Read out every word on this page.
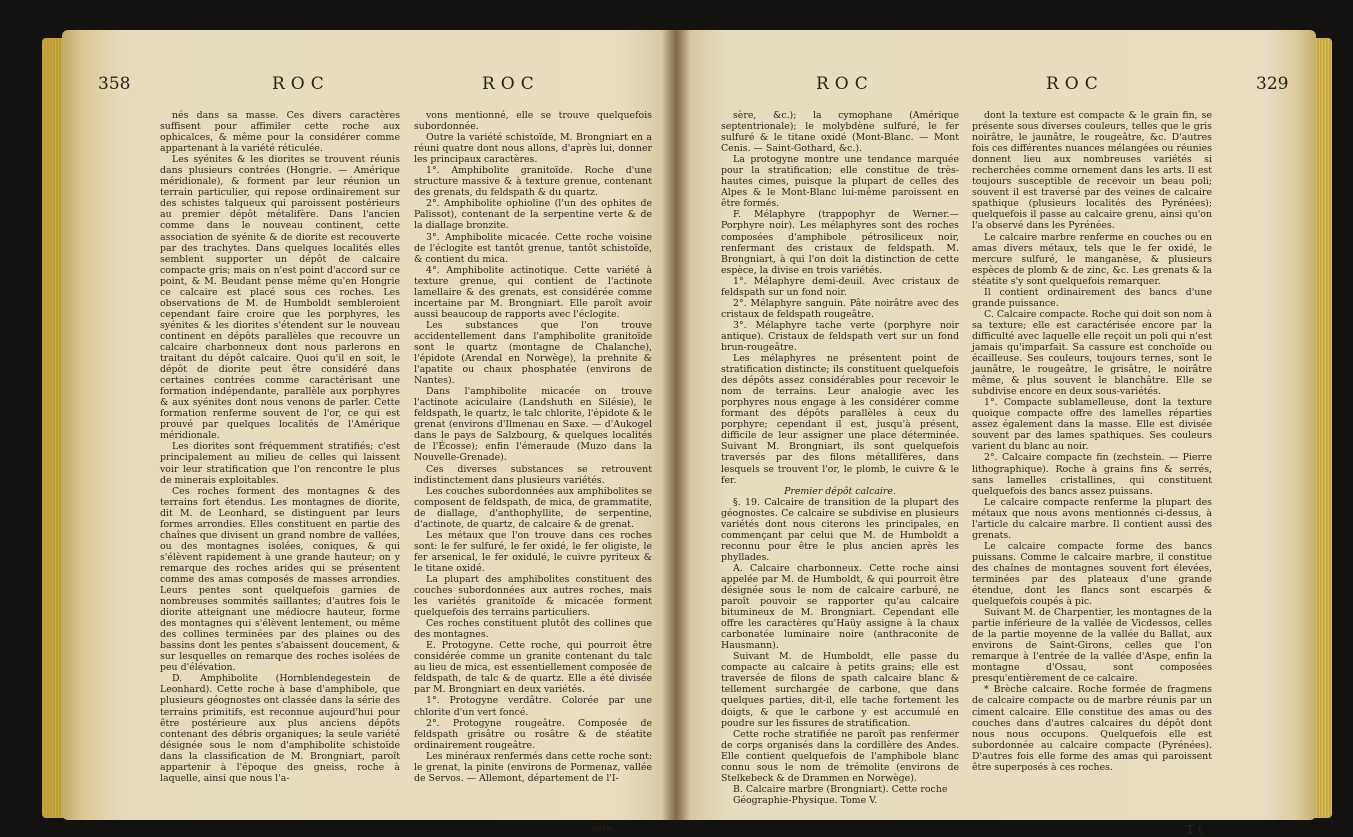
358	ROC	ROC

nés dans sa masse. Ces divers caractères suffisent pour affimiler cette roche aux ophicalces, & même pour la considérer comme appartenant à la variété réticulée.

Les syénites & les diorites se trouvent réunis dans plusieurs contrées (Hongrie. — Amérique méridionale), & forment par leur réunion un terrain particulier, qui repose ordinairement sur des schistes talqueux qui paroissent postérieurs au premier dépôt métalifère. Dans l'ancien comme dans le nouveau continent, cette association de syénite & de diorite est recouverte par des trachytes. Dans quelques localités elles semblent supporter un dépôt de calcaire compacte gris; mais on n'est point d'accord sur ce point, & M. Beudant pense même qu'en Hongrie ce calcaire est placé sous ces roches. Les observations de M. de Humboldt sembleroient cependant faire croire que les porphyres, les syénites & les diorites s'étendent sur le nouveau continent en dépôts parallèles que recouvre un calcaire charbonneux dont nous parlerons en traitant du dépôt calcaire. Quoi qu'il en soit, le dépôt de diorite peut être considéré dans certaines contrées comme caractérisant une formation indépendante, parallèle aux porphyres & aux syénites dont nous venons de parler. Cette formation renferme souvent de l'or, ce qui est prouvé par quelques localités de l'Amérique méridionale.

Les diorites sont fréquemment stratifiés; c'est principalement au milieu de celles qui laissent voir leur stratification que l'on rencontre le plus de minerais exploitables.

Ces roches forment des montagnes & des terrains fort étendus. Les montagnes de diorite, dit M. de Leonhard, se distinguent par leurs formes arrondies. Elles constituent en partie des chaînes que divisent un grand nombre de vallées, ou des montagnes isolées, coniques, & qui s'élèvent rapidement à une grande hauteur; on y remarque des roches arides qui se présentent comme des amas composés de masses arrondies. Leurs pentes sont quelquefois garnies de nombreuses sommités saillantes; d'autres fois le diorite atteignant une médiocre hauteur, forme des montagnes qui s'élèvent lentement, ou même des collines terminées par des plaines ou des bassins dont les pentes s'abaissent doucement, & sur lesquelles on remarque des roches isolées de peu d'élévation.

D. Amphibolite (Hornblendegestein de Leonhard). Cette roche à base d'amphibole, que plusieurs géognostes ont classée dans la série des terrains primitifs, est reconnue aujourd'hui pour être postérieure aux plus anciens dépôts contenant des débris organiques; la seule variété désignée sous le nom d'amphibolite schistoïde dans la classification de M. Brongniart, paroît appartenir à l'époque des gneiss, roche à laquelle, ainsi que nous l'a-

vons mentionné, elle se trouve quelquefois subordonnée.

Outre la variété schistoïde, M. Brongniart en a réuni quatre dont nous allons, d'après lui, donner les principaux caractères.

1°. Amphibolite granitoïde. Roche d'une structure massive & à texture grenue, contenant des grenats, du feldspath & du quartz.

2°. Amphibolite ophioline (l'un des ophites de Palissot), contenant de la serpentine verte & de la diallage bronzite.

3°. Amphibolite micacée. Cette roche voisine de l'éclogite est tantôt grenue, tantôt schistoïde, & contient du mica.

4°. Amphibolite actinotique. Cette variété à texture grenue, qui contient de l'actinote lamellaire & des grenats, est considérée comme incertaine par M. Brongniart. Elle paroît avoir aussi beaucoup de rapports avec l'éclogite.

Les substances que l'on trouve accidentellement dans l'amphibolite granitoïde sont le quartz (montagne de Chalanche), l'épidote (Arendal en Norwège), la prehnite & l'apatite ou chaux phosphatée (environs de Nantes).

Dans l'amphibolite micacée on trouve l'actinote aciculaire (Landshuth en Silésie), le feldspath, le quartz, le talc chlorite, l'épidote & le grenat (environs d'Ilmenau en Saxe. — d'Aukogel dans le pays de Salzbourg, & quelques localités de l'Écosse); enfin l'émeraude (Muzo dans la Nouvelle-Grenade).

Ces diverses substances se retrouvent indistinctement dans plusieurs variétés.

Les couches subordonnées aux amphibolites se composent de feldspath, de mica, de grammatite, de diallage, d'anthophyllite, de serpentine, d'actinote, de quartz, de calcaire & de grenat.

Les métaux que l'on trouve dans ces roches sont: le fer sulfuré, le fer oxidé, le fer oligiste, le fer arsenical, le fer oxidulé, le cuivre pyriteux & le titane oxidé.

La plupart des amphibolites constituent des couches subordonnées aux autres roches, mais les variétés granitoïde & micacée forment quelquefois des terrains particuliers.

Ces roches constituent plutôt des collines que des montagnes.

E. Protogyne. Cette roche, qui pourroit être considérée comme un granite contenant du talc au lieu de mica, est essentiellement composée de feldspath, de talc & de quartz. Elle a été divisée par M. Brongniart en deux variétés.

1°. Protogyne verdâtre. Colorée par une chlorite d'un vert foncé.

2°. Protogyne rougeâtre. Composée de feldspath grisâtre ou rosâtre & de stéatite ordinairement rougeâtre.

Les minéraux renfermés dans cette roche sont: le grenat, la pinite (environs de Pormenaz, vallée de Servos. — Allemont, département de l'I-

sère,
ROC	ROC	329

sère, &c.); la cymophane (Amérique septentrionale); le molybdène sulfuré, le fer sulfuré & le titane oxidé (Mont-Blanc. — Mont Cenis. — Saint-Gothard, &c.).

La protogyne montre une tendance marquée pour la stratification; elle constitue de très-hautes cimes, puisque la plupart de celles des Alpes & le Mont-Blanc lui-même paroissent en être formés.

F. Mélaphyre (trappophyr de Werner.—Porphyre noir). Les mélaphyres sont des roches composées d'amphibole pétrosiliceux noir, renfermant des cristaux de feldspath. M. Brongniart, à qui l'on doit la distinction de cette espèce, la divise en trois variétés.

1°. Mélaphyre demi-deuil. Avec cristaux de feldspath sur un fond noir.

2°. Mélaphyre sanguin. Pâte noirâtre avec des cristaux de feldspath rougeâtre.

3°. Mélaphyre tache verte (porphyre noir antique). Cristaux de feldspath vert sur un fond brun-rougeâtre.

Les mélaphyres ne présentent point de stratification distincte; ils constituent quelquefois des dépôts assez considérables pour recevoir le nom de terrains. Leur analogie avec les porphyres nous engage à les considérer comme formant des dépôts parallèles à ceux du porphyre; cependant il est, jusqu'à présent, difficile de leur assigner une place déterminée. Suivant M. Brongniart, ils sont quelquefois traversés par des filons métallifères, dans lesquels se trouvent l'or, le plomb, le cuivre & le fer.

Premier dépôt calcaire.

§. 19. Calcaire de transition de la plupart des géognostes. Ce calcaire se subdivise en plusieurs variétés dont nous citerons les principales, en commençant par celui que M. de Humboldt a reconnu pour être le plus ancien après les phyllades.

A. Calcaire charbonneux. Cette roche ainsi appelée par M. de Humboldt, & qui pourroit être désignée sous le nom de calcaire carburé, ne paroît pouvoir se rapporter qu'au calcaire bitumineux de M. Brongniart. Cependant elle offre les caractères qu'Haüy assigne à la chaux carbonatée luminaire noire (anthraconite de Hausmann).

Suivant M. de Humboldt, elle passe du compacte au calcaire à petits grains; elle est traversée de filons de spath calcaire blanc & tellement surchargée de carbone, que dans quelques parties, dit-il, elle tache fortement les doigts, & que le carbone y est accumulé en poudre sur les fissures de stratification.

Cette roche stratifiée ne paroît pas renfermer de corps organisés dans la cordillère des Andes. Elle contient quelquefois de l'amphibole blanc connu sous le nom de trémolite (environs de Stelkebeck & de Drammen en Norwège).

B. Calcaire marbre (Brongniart). Cette roche

Géographie-Physique. Tome V.

dont la texture est compacte & le grain fin, se présente sous diverses couleurs, telles que le gris noirâtre, le jaunâtre, le rougeâtre, &c. D'autres fois ces différentes nuances mélangées ou réunies donnent lieu aux nombreuses variétés si recherchées comme ornement dans les arts. Il est toujours susceptible de recevoir un beau poli; souvent il est traversé par des veines de calcaire spathique (plusieurs localités des Pyrénées); quelquefois il passe au calcaire grenu, ainsi qu'on l'a observé dans les Pyrénées.

Le calcaire marbre renferme en couches ou en amas divers métaux, tels que le fer oxidé, le mercure sulfuré, le manganèse, & plusieurs espèces de plomb & de zinc, &c. Les grenats & la stéatite s'y sont quelquefois remarquer.

Il contient ordinairement des bancs d'une grande puissance.

C. Calcaire compacte. Roche qui doit son nom à sa texture; elle est caractérisée encore par la difficulté avec laquelle elle reçoit un poli qui n'est jamais qu'imparfait. Sa cassure est conchoïde ou écailleuse. Ses couleurs, toujours ternes, sont le jaunâtre, le rougeâtre, le grisâtre, le noirâtre même, & plus souvent le blanchâtre. Elle se subdivise encore en deux sous-variétés.

1°. Compacte sublamelleuse, dont la texture quoique compacte offre des lamelles réparties assez également dans la masse. Elle est divisée souvent par des lames spathiques. Ses couleurs varient du blanc au noir.

2°. Calcaire compacte fin (zechstein. — Pierre lithographique). Roche à grains fins & serrés, sans lamelles cristallines, qui constituent quelquefois des bancs assez puissans.

Le calcaire compacte renferme la plupart des métaux que nous avons mentionnés ci-dessus, à l'article du calcaire marbre. Il contient aussi des grenats.

Le calcaire compacte forme des bancs puissans. Comme le calcaire marbre, il constitue des chaînes de montagnes souvent fort élevées, terminées par des plateaux d'une grande étendue, dont les flancs sont escarpés & quelquefois coupés à pic.

Suivant M. de Charpentier, les montagnes de la partie inférieure de la vallée de Vicdessos, celles de la partie moyenne de la vallée du Ballat, aux environs de Saint-Girons, celles que l'on remarque à l'entrée de la vallée d'Aspe, enfin la montagne d'Ossau, sont composées presqu'entièrement de ce calcaire.

* Brèche calcaire. Roche formée de fragmens de calcaire compacte ou de marbre réunis par un ciment calcaire. Elle constitue des amas ou des couches dans d'autres calcaires du dépôt dont nous nous occupons. Quelquefois elle est subordonnée au calcaire compacte (Pyrénées). D'autres fois elle forme des amas qui paroissent être superposés à ces roches.

T t
